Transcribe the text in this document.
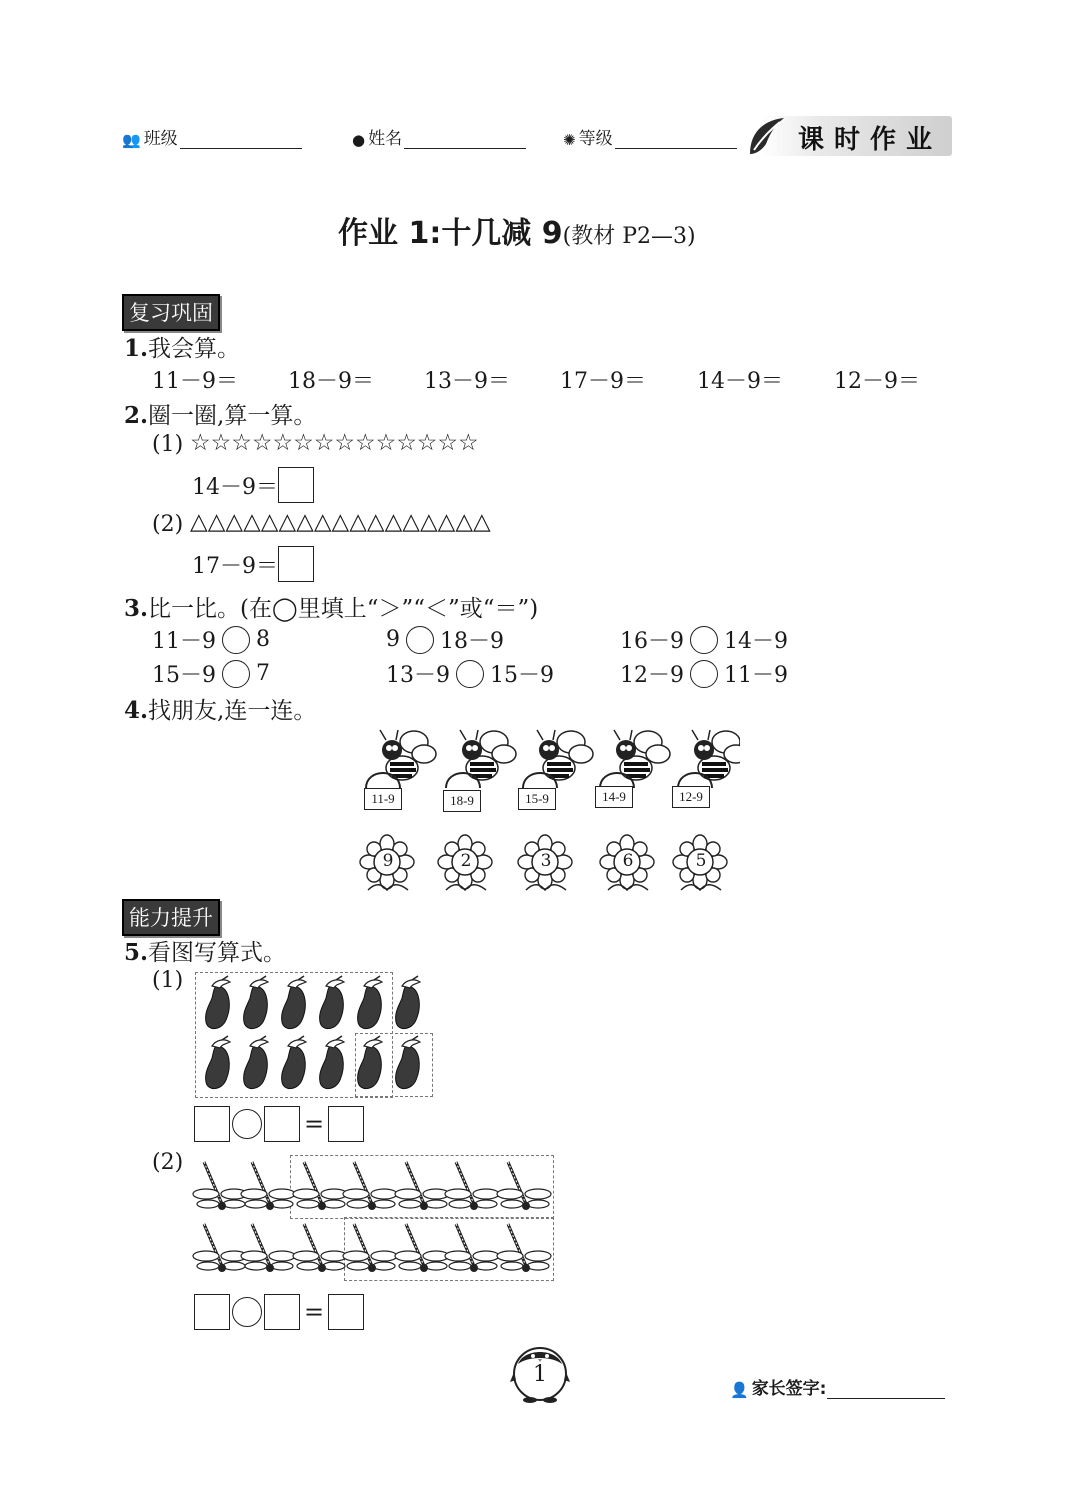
👥 班级	● 姓名	✺ 等级	课时作业
作业 1:十几减 9(教材 P2—3)
复习巩固
1.我会算。
11－9＝ 18－9＝ 13－9＝ 17－9＝ 14－9＝ 12－9＝
2.圈一圈,算一算。
(1) ☆☆☆☆☆☆☆☆☆☆☆☆☆☆
14－9＝
(2) △△△△△△△△△△△△△△△△△
17－9＝
3.比一比。(在◯里填上“＞”“＜”或“＝”)
11－9 8	9 18－9	16－9 14－9
15－9 7	13－9 15－9	12－9 11－9
4.找朋友,连一连。
11-9	18-9	15-9	14-9	12-9
9	2	3	6	5
能力提升
5.看图写算式。
(1)
=
(2)
=
1
👤 家长签字:
